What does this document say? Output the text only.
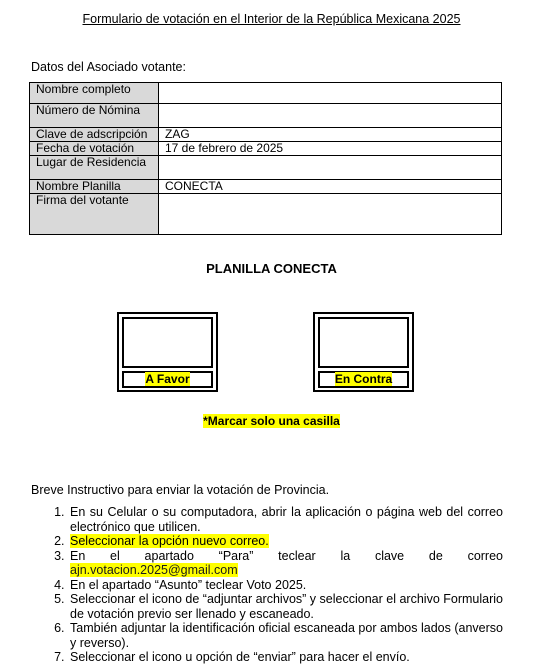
Formulario de votación en el Interior de la República Mexicana 2025
Datos del Asociado votante:
Nombre completo	
Número de Nómina	
Clave de adscripción	ZAG
Fecha de votación	17 de febrero de 2025
Lugar de Residencia	
Nombre Planilla	CONECTA
Firma del votante	
PLANILLA CONECTA
A Favor	En Contra
*Marcar solo una casilla
Breve Instructivo para enviar la votación de Provincia.
1. En su Celular o su computadora, abrir la aplicación o página web del correo electrónico que utilicen.
2. Seleccionar la opción nuevo correo.
3. En el apartado “Para” teclear la clave de correo ajn.votacion.2025@gmail.com
4. En el apartado “Asunto” teclear Voto 2025.
5. Seleccionar el icono de “adjuntar archivos” y seleccionar el archivo Formulario de votación previo ser llenado y escaneado.
6. También adjuntar la identificación oficial escaneada por ambos lados (anverso y reverso).
7. Seleccionar el icono u opción de “enviar” para hacer el envío.
